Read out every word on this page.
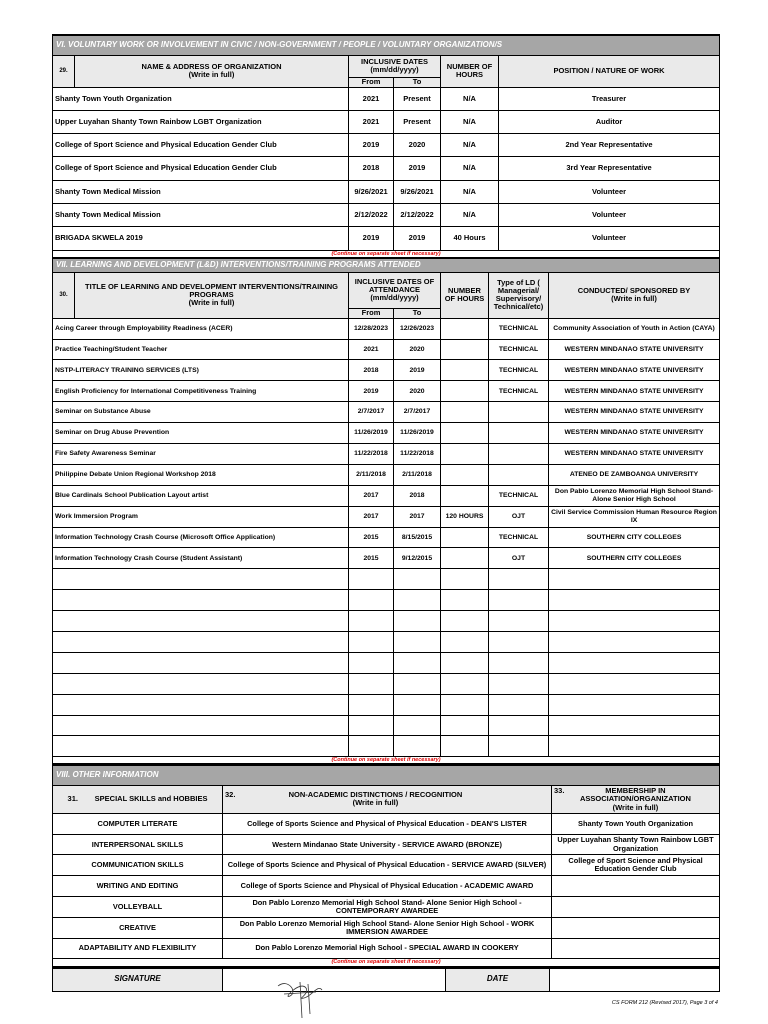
VI. VOLUNTARY WORK OR INVOLVEMENT IN CIVIC / NON-GOVERNMENT / PEOPLE / VOLUNTARY ORGANIZATION/S					
29.	NAME & ADDRESS OF ORGANIZATION
(Write in full)	INCLUSIVE DATES
(mm/dd/yyyy)		NUMBER OF HOURS	POSITION / NATURE OF WORK
		From	To		
Shanty Town Youth Organization		2021	Present	N/A	Treasurer
Upper Luyahan Shanty Town Rainbow LGBT Organization		2021	Present	N/A	Auditor
College of Sport Science and Physical Education Gender Club		2019	2020	N/A	2nd Year Representative
College of Sport Science and Physical Education Gender Club		2018	2019	N/A	3rd Year Representative
Shanty Town Medical Mission		9/26/2021	9/26/2021	N/A	Volunteer
Shanty Town Medical Mission		2/12/2022	2/12/2022	N/A	Volunteer
BRIGADA SKWELA 2019		2019	2019	40 Hours	Volunteer
(Continue on separate sheet if necessary)					
VII. LEARNING AND DEVELOPMENT (L&D) INTERVENTIONS/TRAINING PROGRAMS ATTENDED						
30.	TITLE OF LEARNING AND DEVELOPMENT INTERVENTIONS/TRAINING PROGRAMS
(Write in full)	INCLUSIVE DATES OF ATTENDANCE
(mm/dd/yyyy)		NUMBER OF HOURS	Type of LD ( Managerial/ Supervisory/ Technical/etc)	CONDUCTED/ SPONSORED BY
(Write in full)
		From	To			
Acing Career through Employability Readiness (ACER)		12/28/2023	12/26/2023		TECHNICAL	Community Association of Youth in Action (CAYA)
Practice Teaching/Student Teacher		2021	2020		TECHNICAL	WESTERN MINDANAO STATE UNIVERSITY
NSTP-LITERACY TRAINING SERVICES (LTS)		2018	2019		TECHNICAL	WESTERN MINDANAO STATE UNIVERSITY
English Proficiency for International Competitiveness Training		2019	2020		TECHNICAL	WESTERN MINDANAO STATE UNIVERSITY
Seminar on Substance Abuse		2/7/2017	2/7/2017			WESTERN MINDANAO STATE UNIVERSITY
Seminar on Drug Abuse Prevention		11/26/2019	11/26/2019			WESTERN MINDANAO STATE UNIVERSITY
Fire Safety Awareness Seminar		11/22/2018	11/22/2018			WESTERN MINDANAO STATE UNIVERSITY
Philippine Debate Union Regional Workshop 2018		2/11/2018	2/11/2018			ATENEO DE ZAMBOANGA UNIVERSITY
Blue Cardinals School Publication Layout artist		2017	2018		TECHNICAL	Don Pablo Lorenzo Memorial High School Stand- Alone Senior High School
Work Immersion Program		2017	2017	120 HOURS	OJT	Civil Service Commission Human Resource Region IX
Information Technology Crash Course (Microsoft Office Application)		2015	8/15/2015		TECHNICAL	SOUTHERN CITY COLLEGES
Information Technology Crash Course (Student Assistant)		2015	9/12/2015		OJT	SOUTHERN CITY COLLEGES

(Continue on separate sheet if necessary)						
VIII. OTHER INFORMATION		
31. SPECIAL SKILLS and HOBBIES	32. NON-ACADEMIC DISTINCTIONS / RECOGNITION
(Write in full)	33. MEMBERSHIP IN ASSOCIATION/ORGANIZATION
(Write in full)
COMPUTER LITERATE	College of Sports Science and Physical of Physical Education - DEAN'S LISTER	Shanty Town Youth Organization
INTERPERSONAL SKILLS	Western Mindanao State University - SERVICE AWARD (BRONZE)	Upper Luyahan Shanty Town Rainbow LGBT Organization
COMMUNICATION SKILLS	College of Sports Science and Physical of Physical Education - SERVICE AWARD (SILVER)	College of Sport Science and Physical Education Gender Club
WRITING AND EDITING	College of Sports Science and Physical of Physical Education - ACADEMIC AWARD	
VOLLEYBALL	Don Pablo Lorenzo Memorial High School Stand- Alone Senior High School - CONTEMPORARY AWARDEE	
CREATIVE	Don Pablo Lorenzo Memorial High School Stand- Alone Senior High School - WORK IMMERSION AWARDEE	
ADAPTABILITY AND FLEXIBILITY	Don Pablo Lorenzo Memorial High School - SPECIAL AWARD IN COOKERY	
(Continue on separate sheet if necessary)		
SIGNATURE		DATE	
CS FORM 212 (Revised 2017), Page 3 of 4
